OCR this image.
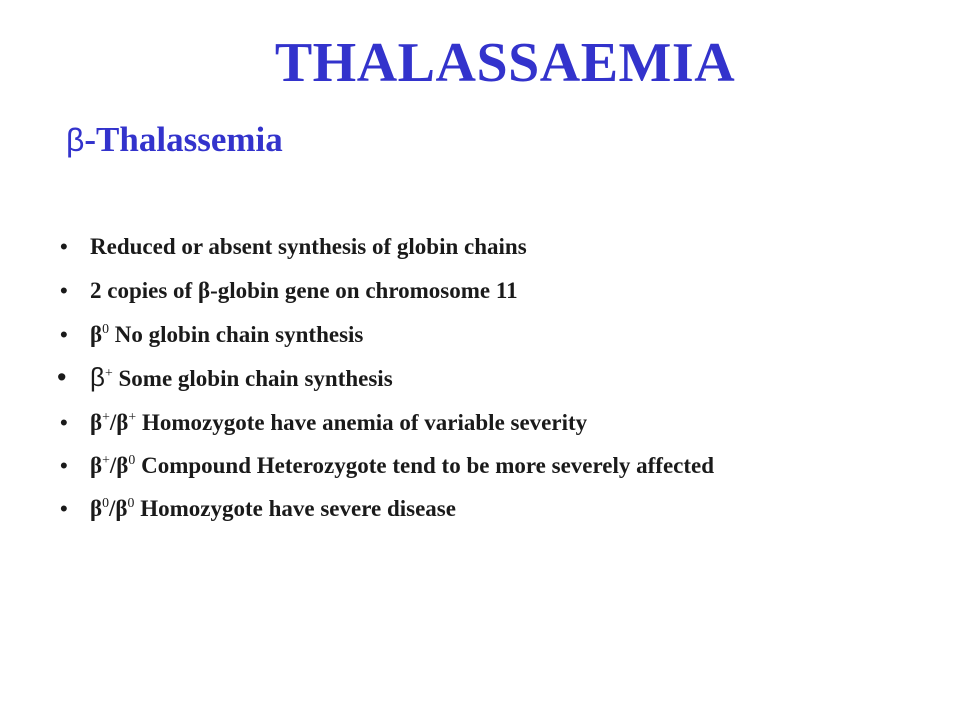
THALASSAEMIA
β-Thalassemia
• Reduced or absent synthesis of globin chains
• 2 copies of β-globin gene on chromosome 11
• $\beta^0$ No globin chain synthesis
• β+ Some globin chain synthesis
• β+/β+ Homozygote have anemia of variable severity
• $\beta^+/\beta^0$ Compound Heterozygote tend to be more severely affected
• $\beta^0/\beta^0$ Homozygote have severe disease
